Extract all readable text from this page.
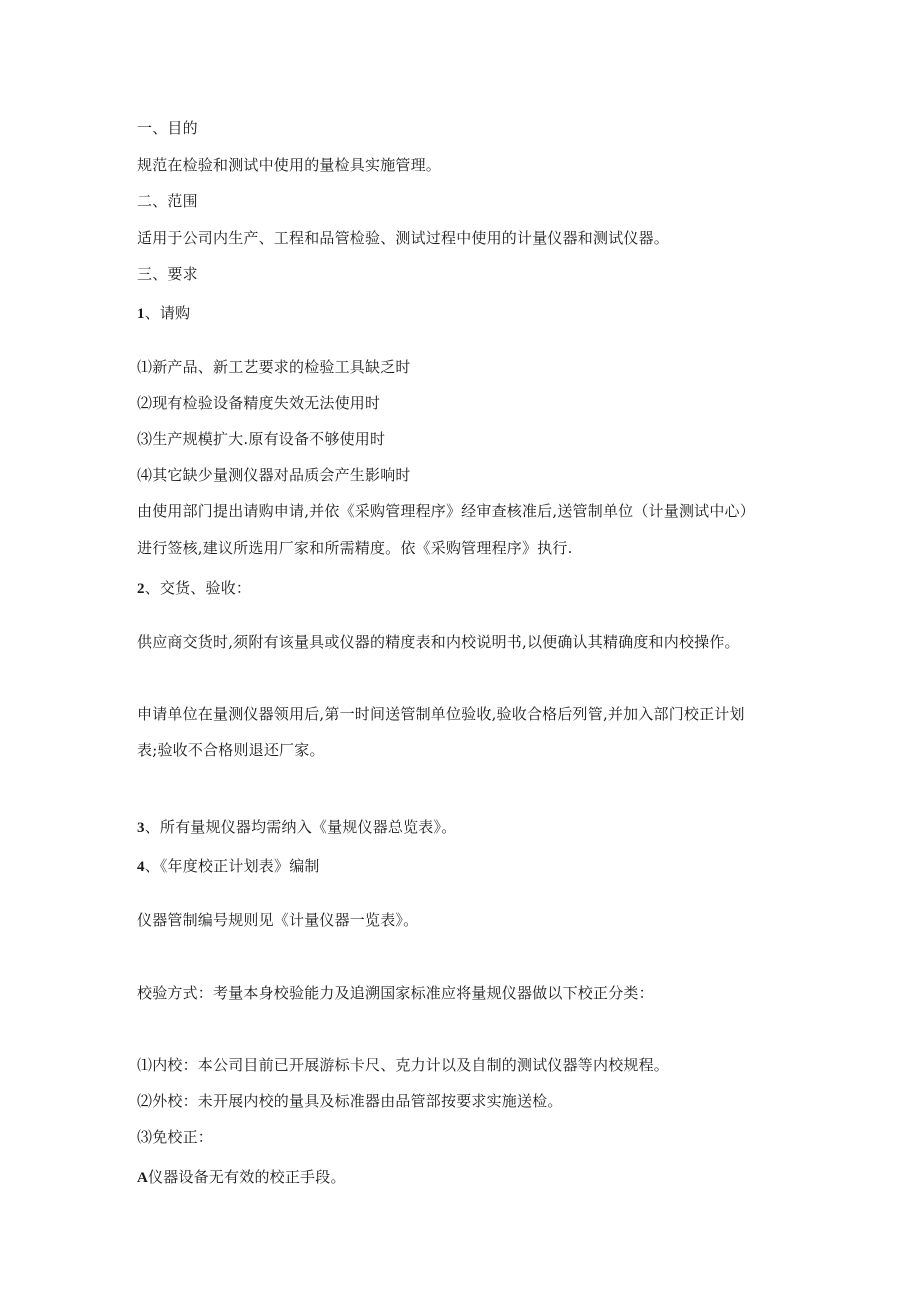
一、目的
规范在检验和测试中使用的量检具实施管理。
二、范围
适用于公司内生产、工程和品管检验、测试过程中使用的计量仪器和测试仪器。
三、要求
1、请购
⑴新产品、新工艺要求的检验工具缺乏时
⑵现有检验设备精度失效无法使用时
⑶生产规模扩大.原有设备不够使用时
⑷其它缺少量测仪器对品质会产生影响时
由使用部门提出请购申请,并依《采购管理程序》经审查核准后,送管制单位（计量测试中心）
进行签核,建议所选用厂家和所需精度。依《采购管理程序》执行.
2、交货、验收：
供应商交货时,须附有该量具或仪器的精度表和内校说明书,以便确认其精确度和内校操作。
申请单位在量测仪器领用后,第一时间送管制单位验收,验收合格后列管,并加入部门校正计划
表;验收不合格则退还厂家。
3、所有量规仪器均需纳入《量规仪器总览表》。
4、《年度校正计划表》编制
仪器管制编号规则见《计量仪器一览表》。
校验方式：考量本身校验能力及追溯国家标准应将量规仪器做以下校正分类：
⑴内校：本公司目前已开展游标卡尺、克力计以及自制的测试仪器等内校规程。
⑵外校：未开展内校的量具及标准器由品管部按要求实施送检。
⑶免校正：
A仪器设备无有效的校正手段。
